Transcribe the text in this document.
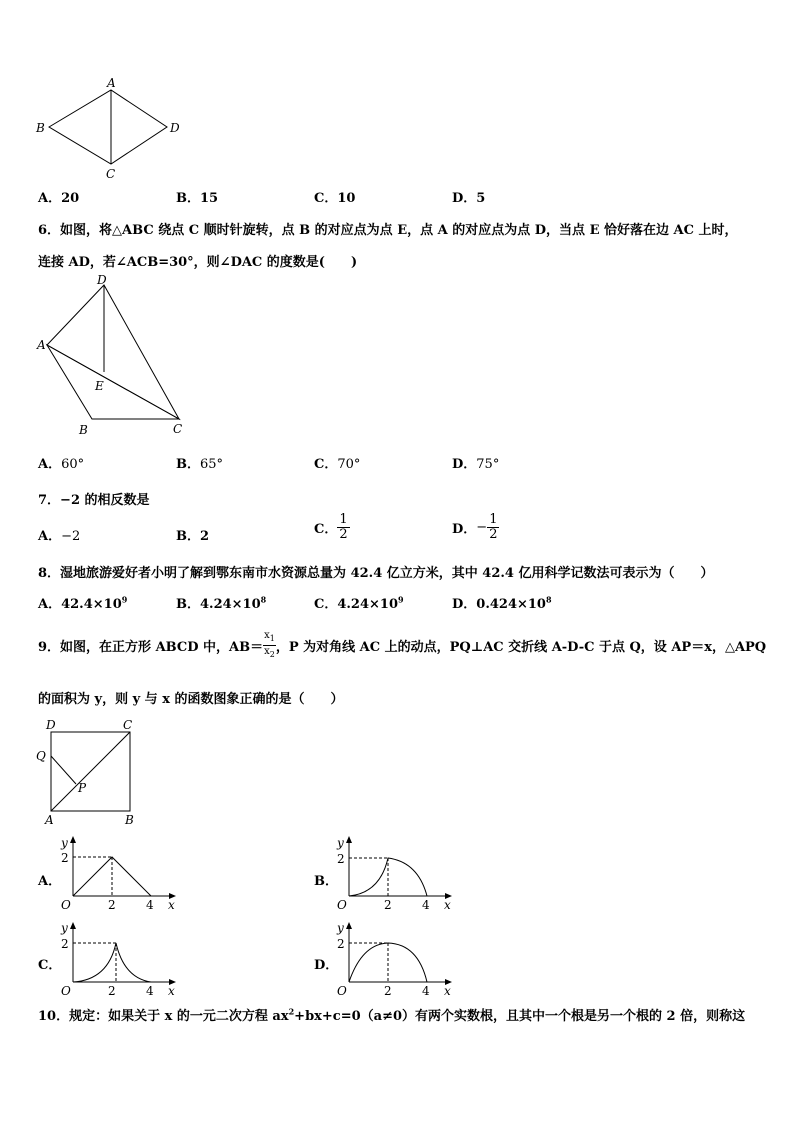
A
B	D
C
A．20	B．15	C．10	D．5
6．如图，将△ABC 绕点 C 顺时针旋转，点 B 的对应点为点 E，点 A 的对应点为点 D，当点 E 恰好落在边 AC 上时，
连接 AD，若∠ACB=30°，则∠DAC 的度数是(　　)
D
A
E
B	C
A．60°	B．65°	C．70°	D．75°
7．−2 的相反数是
A．−2	B．2	C． $\frac{1}{2}$	D．− $\frac{1}{2}$
8．湿地旅游爱好者小明了解到鄂东南市水资源总量为 42.4 亿立方米，其中 42.4 亿用科学记数法可表示为（　　）
A．$42.4\times 10^9$	B．$4.24\times 10^8$	C．$4.24\times 10^9$	D．$0.424\times 10^8$
9．如图，在正方形 ABCD 中，$AB= \frac{x_1}{x_2}$ ，P 为对角线 AC 上的动点，PQ⊥AC 交折线 A-D-C 于点 Q，设 AP＝x，△APQ
的面积为 y，则 y 与 x 的函数图象正确的是（　　）
D	C
Q
P
A	B
A．	B．
C．	D．
y
2
O	2	4 x
y
2
O	2	4 x
y
2
O	2	4 x
y
2
O	2	4 x
10．规定：如果关于 x 的一元二次方程 $ax^2+bx+c=0(a\ne 0)$有两个实数根，且其中一个根是另一个根的 2 倍，则称这
